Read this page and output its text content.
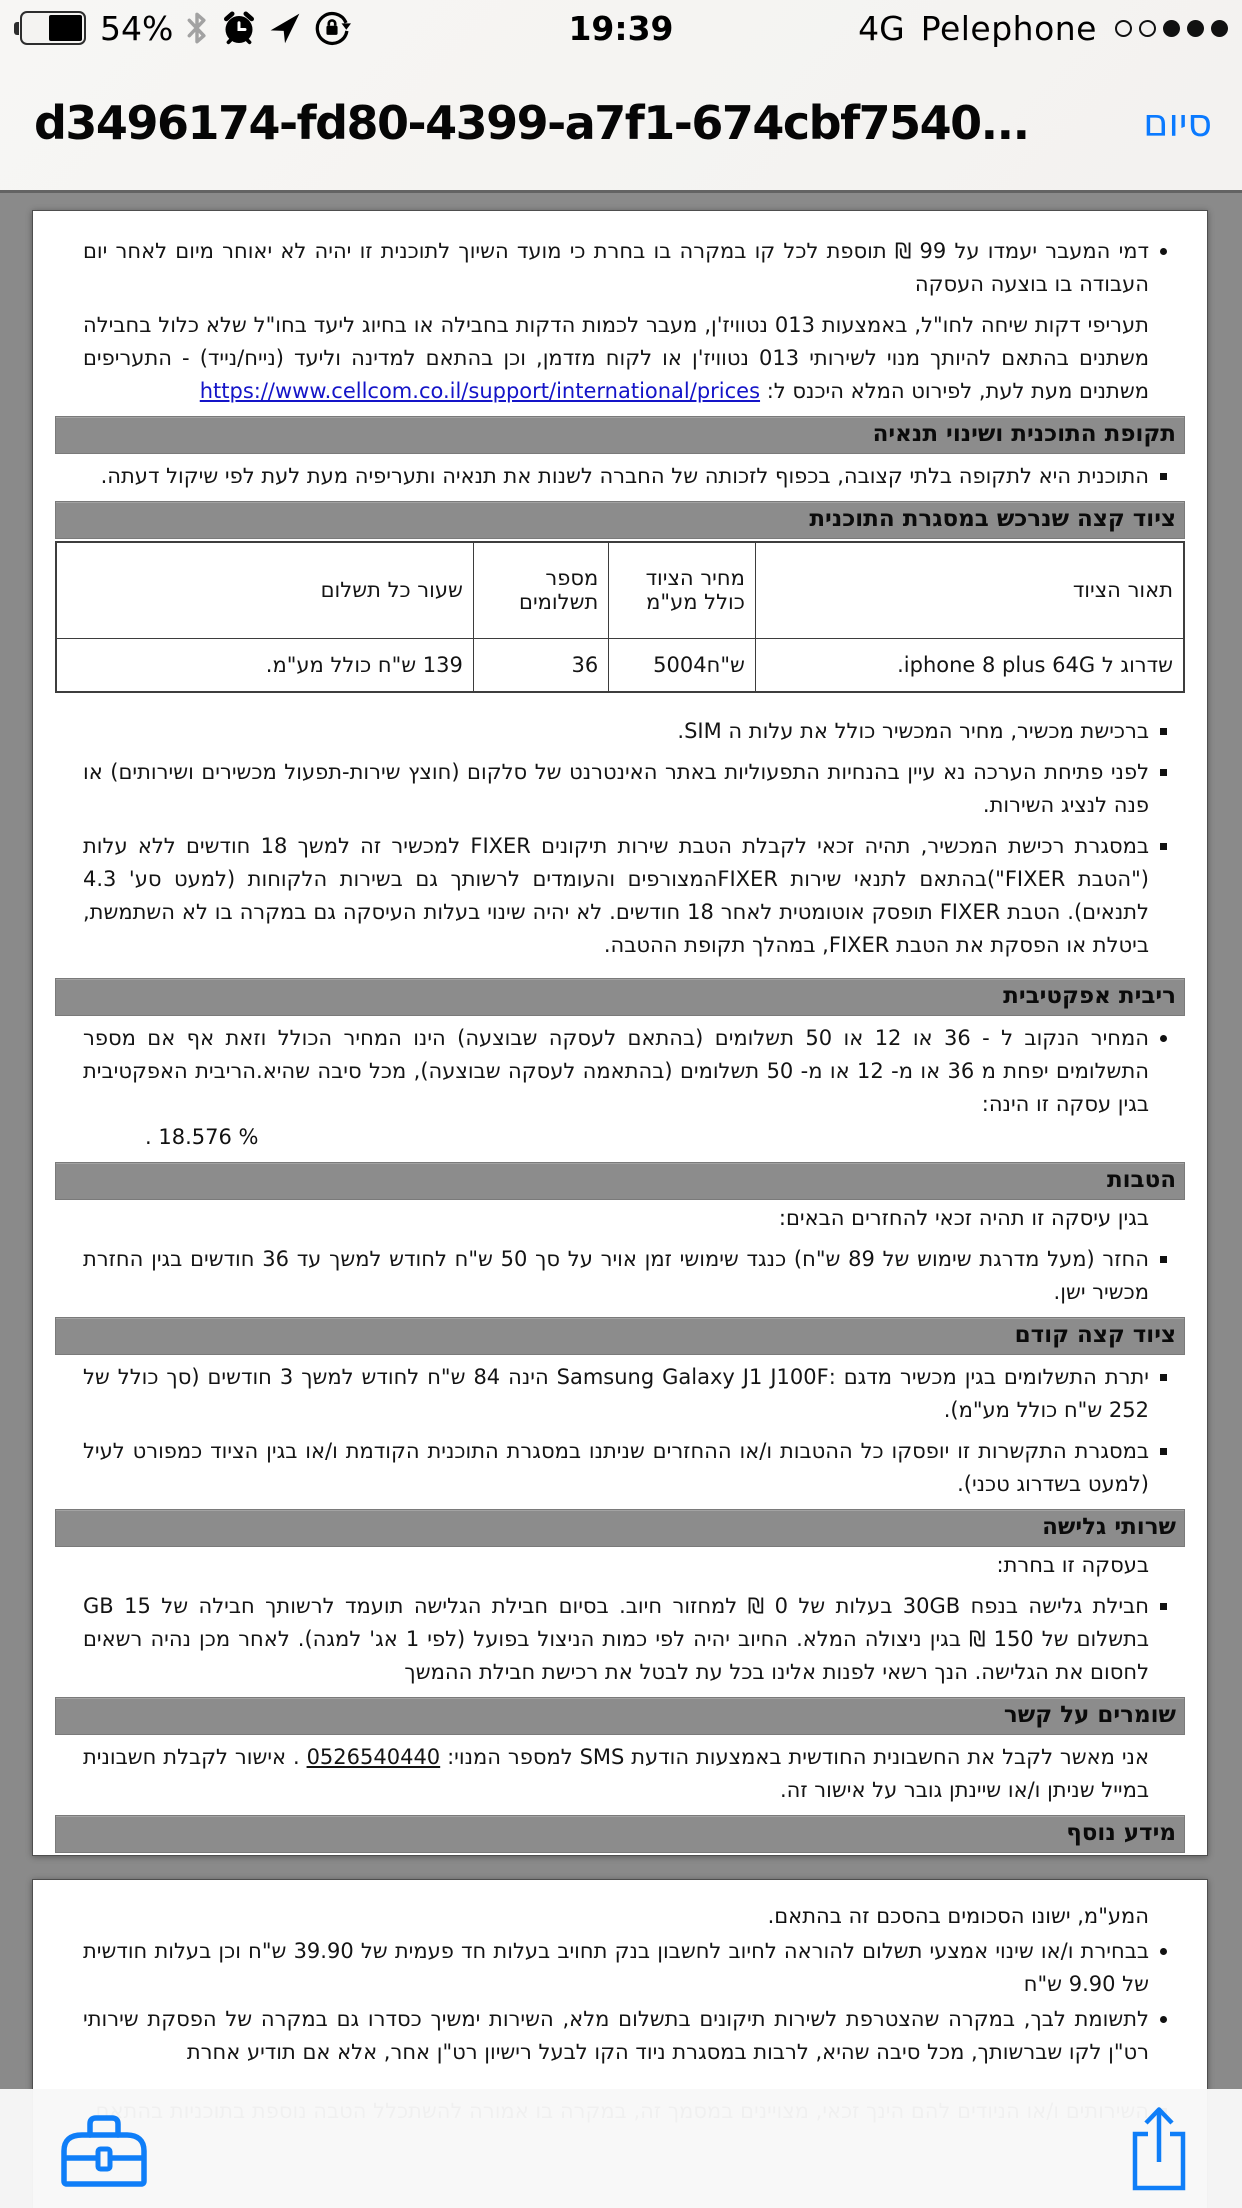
54%	19:39	4G Pelephone
d3496174-fd80-4399-a7f1-674cbf7540...	סיום
דמי המעבר יעמדו על 99 ₪ תוספת לכל קו במקרה בו בחרת כי מועד השיוך לתוכנית זו יהיה לא יאוחר מיום לאחר יום העבודה בו בוצעה העסקה
תעריפי דקות שיחה לחו"ל, באמצעות 013 נטוויז'ן, מעבר לכמות הדקות בחבילה או בחיוג ליעד בחו"ל שלא כלול בחבילה משתנים בהתאם להיותך מנוי לשירותי 013 נטוויז'ן או לקוח מזדמן, וכן בהתאם למדינה וליעד (נייח/נייד) - התעריפים משתנים מעת לעת, לפירוט המלא היכנס ל: https://www.cellcom.co.il/support/international/prices
תקופת התוכנית ושינוי תנאיה
התוכנית היא לתקופה בלתי קצובה, בכפוף לזכותה של החברה לשנות את תנאיה ותעריפיה מעת לעת לפי שיקול דעתה.
ציוד קצה שנרכש במסגרת התוכנית
תאור הציוד	מחיר הציוד כולל מע"מ	מספר תשלומים	שעור כל תשלום
שדרוג ל iphone 8 plus 64G.	5004ש"ח	36	139 ש"ח כולל מע"מ.
ברכישת מכשיר, מחיר המכשיר כולל את עלות ה SIM.
לפני פתיחת הערכה נא עיין בהנחיות התפעוליות באתר האינטרנט של סלקום (חוצץ שירות-תפעול מכשירים ושירותים) או פנה לנציג השירות.
במסגרת רכישת המכשיר, תהיה זכאי לקבלת הטבת שירות תיקונים FIXER למכשיר זה למשך 18 חודשים ללא עלות ("הטבת FIXER")בהתאם לתנאי שירות FIXERהמצורפים והעומדים לרשותך גם בשירות הלקוחות (למעט סע' 4.3 לתנאים). הטבת FIXER תופסק אוטומטית לאחר 18 חודשים. לא יהיה שינוי בעלות העיסקה גם במקרה בו לא השתמשת, ביטלת או הפסקת את הטבת FIXER, במהלך תקופת ההטבה.
ריבית אפקטיבית
המחיר הנקוב ל - 36 או 12 או 50 תשלומים (בהתאם לעסקה שבוצעה) הינו המחיר הכולל וזאת אף אם מספר התשלומים יפחת מ 36 או מ- 12 או מ- 50 תשלומים (בהתאמה לעסקה שבוצעה), מכל סיבה שהיא.הריבית האפקטיבית בגין עסקה זו הינה:
. 18.576 %
הטבות
בגין עיסקה זו תהיה זכאי להחזרים הבאים:
החזר (מעל מדרגת שימוש של 89 ש"ח) כנגד שימושי זמן אויר על סך 50 ש"ח לחודש למשך עד 36 חודשים בגין החזרת מכשיר ישן.
ציוד קצה קודם
יתרת התשלומים בגין מכשיר מדגם :Samsung Galaxy J1 J100F הינה 84 ש"ח לחודש למשך 3 חודשים (סך כולל של 252 ש"ח כולל מע"מ).
במסגרת התקשרות זו יופסקו כל ההטבות ו/או ההחזרים שניתנו במסגרת התוכנית הקודמת ו/או בגין הציוד כמפורט לעיל (למעט בשדרוג טכני).
שרותי גלישה
בעסקה זו בחרת:
חבילת גלישה בנפח 30GB בעלות של 0 ₪ למחזור חיוב. בסיום חבילת הגלישה תועמד לרשותך חבילה של 15 GB בתשלום של 150 ₪ בגין ניצולה המלא. החיוב יהיה לפי כמות הניצול בפועל (לפי 1 אג' למגה). לאחר מכן נהיה רשאים לחסום את הגלישה. הנך רשאי לפנות אלינו בכל עת לבטל את רכישת חבילת ההמשך
שומרים על קשר
אני מאשר לקבל את החשבונית החודשית באמצעות הודעת SMS למספר המנוי: 0526540440 . אישור לקבלת חשבונית במייל שניתן ו/או שיינתן גובר על אישור זה.
מידע נוסף
המע"מ, ישונו הסכומים בהסכם זה בהתאם.
בבחירת ו/או שינוי אמצעי תשלום להוראה לחיוב לחשבון בנק תחויב בעלות חד פעמית של 39.90 ש"ח וכן בעלות חודשית של 9.90 ש"ח
לתשומת לבך, במקרה שהצטרפת לשירות תיקונים בתשלום מלא, השירות ימשיך כסדרו גם במקרה של הפסקת שירותי רט"ן לקו שברשותך, מכל סיבה שהיא, לרבות במסגרת ניוד הקו לבעל רישיון רט"ן אחר, אלא אם תודיע אחרת
